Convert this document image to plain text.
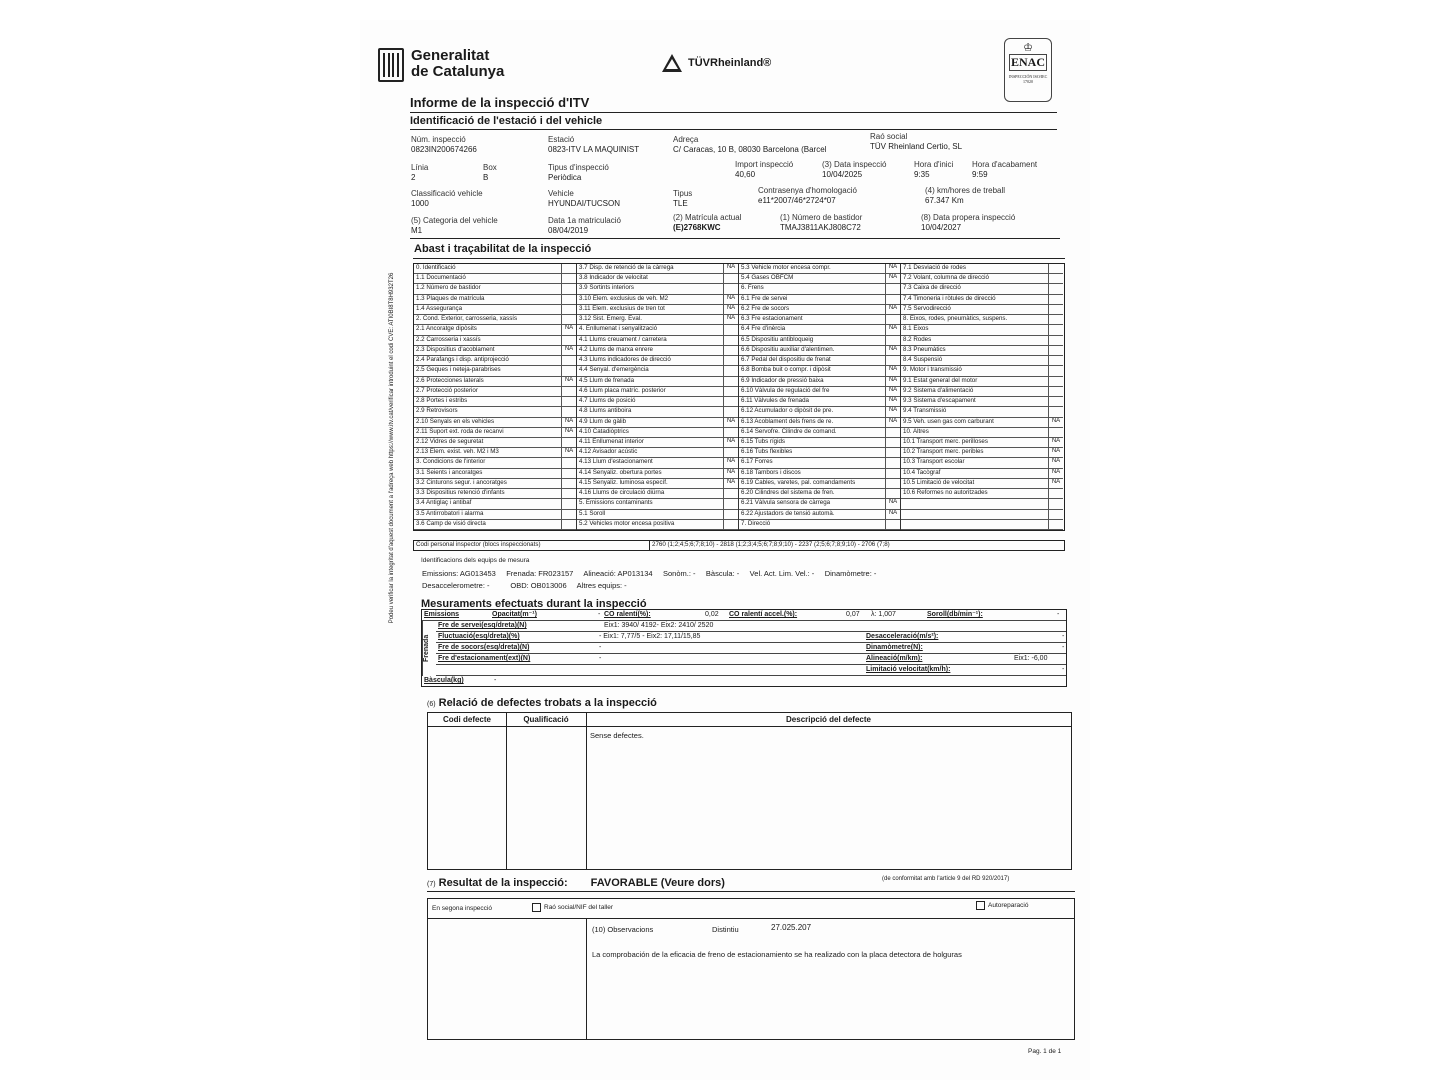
Generalitat
de Catalunya	TÜVRheinland®
♔
ENAC
INSPECCIÓN ISO/IEC 17020
Informe de la inspecció d'ITV
Podeu verificar la integritat d'aquest document a l'adreça web https://www.itv.cat/verificar introduint el codi CVE: ATI0BI8T8H932T26
Identificació de l'estació i del vehicle
Núm. inspecció
0823IN200674266
Estació
0823-ITV LA MAQUINIST
Adreça
C/ Caracas, 10 B, 08030 Barcelona (Barcel
Raó social
TÜV Rheinland Certio, SL
Línia
2
Box
B
Tipus d'inspecció
Periòdica
Import inspecció
40,60
(3) Data inspecció
10/04/2025
Hora d'inici
9:35
Hora d'acabament
9:59
Classificació vehicle
1000
Vehicle
HYUNDAI/TUCSON
Tipus
TLE
Contrasenya d'homologació
e11*2007/46*2724*07
(4) km/hores de treball
67.347 Km
(5) Categoria del vehicle
M1
Data 1a matriculació
08/04/2019
(2) Matrícula actual
(E)2768KWC
(1) Número de bastidor
TMAJ3811AKJ808C72
(8) Data propera inspecció
10/04/2027
Abast i traçabilitat de la inspecció
0. Identificació
1.1 Documentació
1.2 Número de bastidor
1.3 Plaques de matrícula
1.4 Assegurança
2. Cond. Exterior, carrosseria, xassís
2.1 Ancoratge dipòsits	NA
2.2 Carrosseria i xassís
2.3 Dispositius d'acoblament	NA
2.4 Parafangs i disp. antiprojecció
2.5 Geques i neteja-parabrises
2.6 Protecciones laterals	NA
2.7 Protecció posterior
2.8 Portes i estribs
2.9 Retrovisors
2.10 Senyals en els vehicles	NA
2.11 Suport ext. roda de recanvi	NA
2.12 Vidres de seguretat
2.13 Elem. exist. veh. M2 i M3	NA
3. Condicions de l'interior
3.1 Seients i ancoratges
3.2 Cinturons segur. i ancoratges
3.3 Dispositius retenció d'infants
3.4 Antiglaç i antibaf
3.5 Antirrobatori i alarma
3.6 Camp de visió directa
3.7 Disp. de retenció de la càrrega	NA
3.8 Indicador de velocitat
3.9 Sortints interiors
3.10 Elem. exclusius de veh. M2	NA
3.11 Elem. exclusius de tren tot	NA
3.12 Sist. Emerg. Eval.	NA
4. Enllumenat i senyalització
4.1 Llums creuament / carretera
4.2 Llums de marxa enrere
4.3 Llums indicadores de direcció
4.4 Senyal. d'emergència
4.5 Llum de frenada
4.6 Llum placa matríc. posterior
4.7 Llums de posició
4.8 Llums antiboira
4.9 Llum de gàlib	NA
4.10 Catadiòptrics
4.11 Enllumenat interior	NA
4.12 Avisador acústic
4.13 Llum d'estacionament	NA
4.14 Senyaliz. obertura portes	NA
4.15 Senyaliz. luminosa específ.	NA
4.16 Llums de circulació diürna
5. Emissions contaminants
5.1 Soroll
5.2 Vehicles motor encesa positiva
5.3 Vehicle motor encesa compr.	NA
5.4 Gases OBFCM	NA
6. Frens
6.1 Fre de servei
6.2 Fre de socors	NA
6.3 Fre estacionament
6.4 Fre d'inèrcia	NA
6.5 Dispositiu antibloqueig
6.6 Dispositiu auxiliar d'alentimen.	NA
6.7 Pedal del dispositiu de frenat
6.8 Bomba buit o compr. i dipòsit	NA
6.9 Indicador de pressió baixa	NA
6.10 Vàlvula de regulació del fre	NA
6.11 Vàlvules de frenada	NA
6.12 Acumulador o dipòsit de pre.	NA
6.13 Acoblament dels frens de re.	NA
6.14 Servofre. Cilindre de comand.
6.15 Tubs rígids
6.16 Tubs flexibles
6.17 Forres
6.18 Tambors i discos
6.19 Cables, varetes, pal. comandaments
6.20 Cilindres del sistema de fren.
6.21 Vàlvula sensora de càrrega	NA
6.22 Ajustadors de tensió automà.	NA
7. Direcció
7.1 Desviació de rodes
7.2 Volant, columna de direcció
7.3 Caixa de direcció
7.4 Timoneria i ròtules de direcció
7.5 Servodirecció
8. Eixos, rodes, pneumàtics, suspens.
8.1 Eixos
8.2 Rodes
8.3 Pneumàtics
8.4 Suspensió
9. Motor i transmissió
9.1 Estat general del motor
9.2 Sistema d'alimentació
9.3 Sistema d'escapament
9.4 Transmissió
9.5 Veh. usen gas com carburant	NA
10. Altres
10.1 Transport merc. perilloses	NA
10.2 Transport merc. peribles	NA
10.3 Transport escolar	NA
10.4 Tacògraf	NA
10.5 Limitació de velocitat	NA
10.6 Reformes no autoritzades
Codi personal inspector (blocs inspeccionats)	2760 (1;2;4;5;6;7;8;10) - 2818 (1;2;3;4;5;6;7;8;9;10) - 2237 (2;5;6;7;8;9;10) - 2706 (7;8)
Identificacions dels equips de mesura
Emissions: AG013453     Frenada: FR023157     Alineació: AP013134     Sonòm.: -     Bàscula: -     Vel. Act. Lim. Vel.: -     Dinamòmetre: -
Desaccelerometre: -          OBD: OB013006     Altres equips: -
Mesuraments efectuats durant la inspecció
Emissions	Opacitat(m⁻¹)	- CO ralentí(%):	0,02 CO ralentí accel.(%):	0,07 λ: 1,007	Soroll(db/min⁻¹):	-
Frenada
Fre de servei(esq/dreta)(N)	Eix1: 3940/ 4192- Eix2: 2410/ 2520
Fluctuació(esq/dreta)(%)	- Eix1: 7,77/5 - Eix2: 17,11/15,85	Desacceleració(m/s²):	-
Fre de socors(esq/dreta)(N)	-	Dinamòmetre(N):	-
Fre d'estacionament(ext)(N)	-	Alineació(m/km):	Eix1: -6,00
Limitació velocitat(km/h):	-
Bàscula(kg)	-
(6) Relació de defectes trobats a la inspecció
Codi defecte	Qualificació	Descripció del defecte
Sense defectes.
(7) Resultat de la inspecció: FAVORABLE (Veure dors)	(de conformitat amb l'article 9 del RD 920/2017)
En segona inspecció	Raó social/NIF del taller	Autoreparació
(10) Observacions	Distintiu	27.025.207
La comprobación de la eficacia de freno de estacionamiento se ha realizado con la placa detectora de holguras
Pag. 1 de 1
